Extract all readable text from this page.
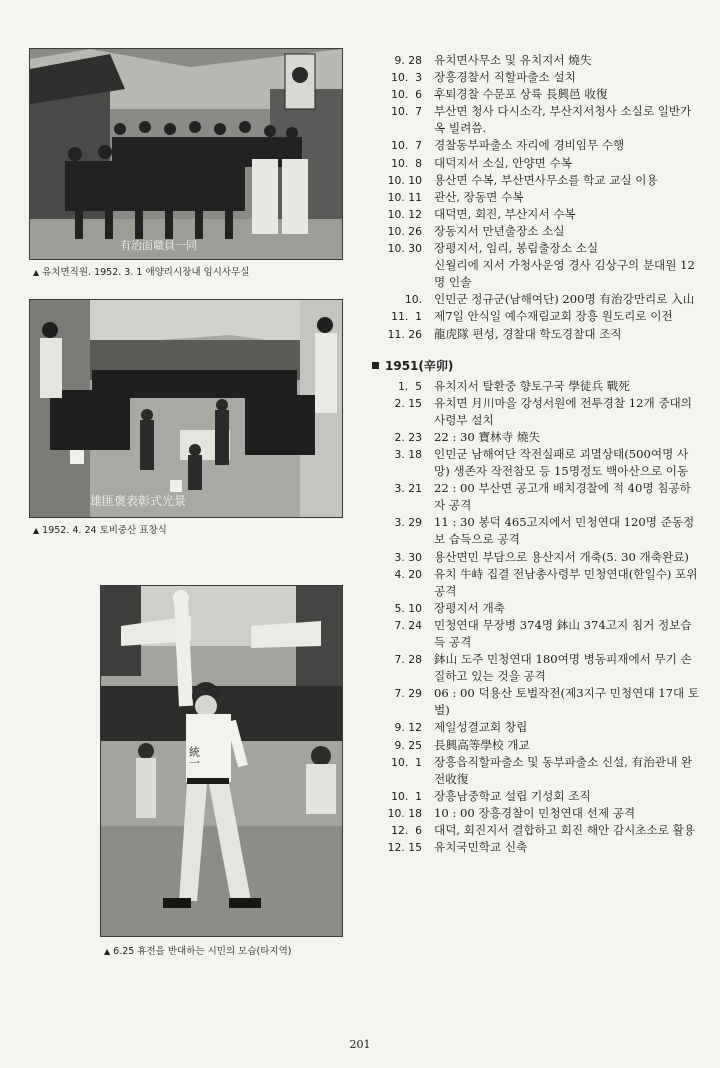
有治面職員一同
▲ 유치면직원. 1952. 3. 1 애양리시장내 임시사무실
雄匪褒表彰式光景
▲ 1952. 4. 24 토비중산 표창식
統一
▲ 6.25 휴전을 반대하는 시민의 모습(타지역)
9. 28	유치면사무소 및 유치지서 燒失
10.  3	장흥경찰서 직할파출소 설치
10.  6	후퇴경찰 수문포 상륙 長興邑 收復
10.  7	부산면 청사 다시소각, 부산지서청사 소실로 일반가옥 빌려씀.
10.  7	경찰동부파출소 자리에 경비임무 수행
10.  8	대덕지서 소실, 안양면 수복
10. 10	용산면 수복, 부산면사무소를 학교 교실 이용
10. 11	관산, 장동면 수복
10. 12	대덕면, 회진, 부산지서 수복
10. 26	장동지서 만년출장소 소실
10. 30	장평지서, 임리, 봉림출장소 소실
신월리에 지서 가청사운영 경사 김상구의 분대원 12명 인솔
10.	인민군 정규군(남해여단) 200명 有治강만리로 入山
11.  1	제7일 안식일 예수재림교회 장흥 원도리로 이전
11. 26	龍虎隊 편성, 경찰대 학도경찰대 조직
1951(辛卯)
1.  5	유치지서 탈환중 향토구국 學徒兵 戰死
2. 15	유치면 月川마을 강성서원에 전투경찰 12개 중대의 사령부 설치
2. 23	22 : 30 寶林寺 燒失
3. 18	인민군 남해여단 작전실패로 괴멸상태(500여명 사망) 생존자 작전참모 등 15명정도 백아산으로 이동
3. 21	22 : 00 부산면 공고개 배치경찰에 적 40명 침공하자 공격
3. 29	11 : 30 봉덕 465고지에서 민청연대 120명 준동정보 습득으로 공격
3. 30	용산면민 부담으로 용산지서 개축(5. 30 개축완료)
4. 20	유치 牛峙 집결 전남총사령부 민청연대(한일수) 포위 공격
5. 10	장평지서 개축
7. 24	민청연대 무장병 374명 鉢山 374고지 침거 정보습득 공격
7. 28	鉢山 도주 민청연대 180여명 병동피재에서 무기 손질하고 있는 것을 공격
7. 29	06 : 00 덕용산 토벌작전(제3지구 민청연대 17대 토벌)
9. 12	제일성결교회 창립
9. 25	長興高等學校 개교
10.  1	장흥읍직할파출소 및 동부파출소 신설, 有治관내 완전收復
10.  1	장흥남중학교 설립 기성회 조직
10. 18	10 : 00 장흥경찰이 민청연대 선제 공격
12.  6	대덕, 회진지서 결합하고 회진 해안 감시초소로 활용
12. 15	유치국민학교 신축
201
